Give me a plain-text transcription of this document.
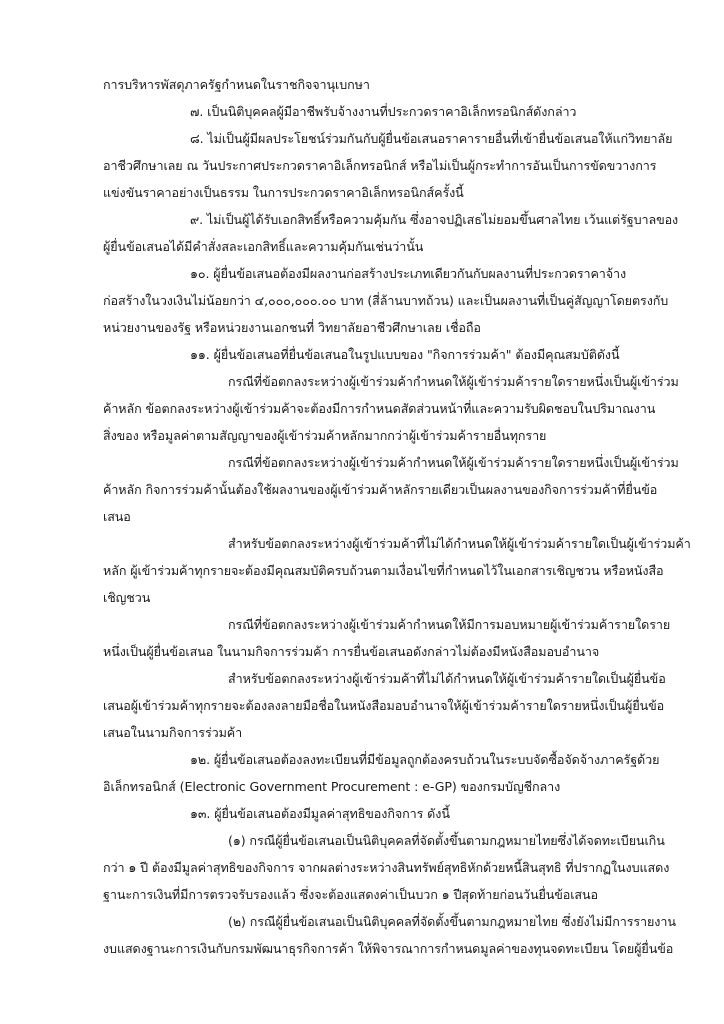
การบริหารพัสดุภาครัฐกำหนดในราชกิจจานุเบกษา
๗. เป็นนิติบุคคลผู้มีอาชีพรับจ้างงานที่ประกวดราคาอิเล็กทรอนิกส์ดังกล่าว
๘. ไม่เป็นผู้มีผลประโยชน์ร่วมกันกับผู้ยื่นข้อเสนอราคารายอื่นที่เข้ายื่นข้อเสนอให้แก่วิทยาลัย
อาชีวศึกษาเลย ณ วันประกาศประกวดราคาอิเล็กทรอนิกส์ หรือไม่เป็นผู้กระทำการอันเป็นการขัดขวางการ
แข่งขันราคาอย่างเป็นธรรม ในการประกวดราคาอิเล็กทรอนิกส์ครั้งนี้
๙. ไม่เป็นผู้ได้รับเอกสิทธิ์หรือความคุ้มกัน ซึ่งอาจปฏิเสธไม่ยอมขึ้นศาลไทย เว้นแต่รัฐบาลของ
ผู้ยื่นข้อเสนอได้มีคำสั่งสละเอกสิทธิ์และความคุ้มกันเช่นว่านั้น
๑๐. ผู้ยื่นข้อเสนอต้องมีผลงานก่อสร้างประเภทเดียวกันกับผลงานที่ประกวดราคาจ้าง
ก่อสร้างในวงเงินไม่น้อยกว่า ๔,๐๐๐,๐๐๐.๐๐ บาท (สี่ล้านบาทถ้วน) และเป็นผลงานที่เป็นคู่สัญญาโดยตรงกับ
หน่วยงานของรัฐ หรือหน่วยงานเอกชนที่ วิทยาลัยอาชีวศึกษาเลย เชื่อถือ
๑๑. ผู้ยื่นข้อเสนอที่ยื่นข้อเสนอในรูปแบบของ "กิจการร่วมค้า" ต้องมีคุณสมบัติดังนี้
กรณีที่ข้อตกลงระหว่างผู้เข้าร่วมค้ากำหนดให้ผู้เข้าร่วมค้ารายใดรายหนึ่งเป็นผู้เข้าร่วม
ค้าหลัก ข้อตกลงระหว่างผู้เข้าร่วมค้าจะต้องมีการกำหนดสัดส่วนหน้าที่และความรับผิดชอบในปริมาณงาน
สิ่งของ หรือมูลค่าตามสัญญาของผู้เข้าร่วมค้าหลักมากกว่าผู้เข้าร่วมค้ารายอื่นทุกราย
กรณีที่ข้อตกลงระหว่างผู้เข้าร่วมค้ากำหนดให้ผู้เข้าร่วมค้ารายใดรายหนึ่งเป็นผู้เข้าร่วม
ค้าหลัก กิจการร่วมค้านั้นต้องใช้ผลงานของผู้เข้าร่วมค้าหลักรายเดียวเป็นผลงานของกิจการร่วมค้าที่ยื่นข้อ
เสนอ
สำหรับข้อตกลงระหว่างผู้เข้าร่วมค้าที่ไม่ได้กำหนดให้ผู้เข้าร่วมค้ารายใดเป็นผู้เข้าร่วมค้า
หลัก ผู้เข้าร่วมค้าทุกรายจะต้องมีคุณสมบัติครบถ้วนตามเงื่อนไขที่กำหนดไว้ในเอกสารเชิญชวน หรือหนังสือ
เชิญชวน
กรณีที่ข้อตกลงระหว่างผู้เข้าร่วมค้ากำหนดให้มีการมอบหมายผู้เข้าร่วมค้ารายใดราย
หนึ่งเป็นผู้ยื่นข้อเสนอ ในนามกิจการร่วมค้า การยื่นข้อเสนอดังกล่าวไม่ต้องมีหนังสือมอบอำนาจ
สำหรับข้อตกลงระหว่างผู้เข้าร่วมค้าที่ไม่ได้กำหนดให้ผู้เข้าร่วมค้ารายใดเป็นผู้ยื่นข้อ
เสนอผู้เข้าร่วมค้าทุกรายจะต้องลงลายมือชื่อในหนังสือมอบอำนาจให้ผู้เข้าร่วมค้ารายใดรายหนึ่งเป็นผู้ยื่นข้อ
เสนอในนามกิจการร่วมค้า
๑๒. ผู้ยื่นข้อเสนอต้องลงทะเบียนที่มีข้อมูลถูกต้องครบถ้วนในระบบจัดซื้อจัดจ้างภาครัฐด้วย
อิเล็กทรอนิกส์ (Electronic Government Procurement : e-GP) ของกรมบัญชีกลาง
๑๓. ผู้ยื่นข้อเสนอต้องมีมูลค่าสุทธิของกิจการ ดังนี้
(๑) กรณีผู้ยื่นข้อเสนอเป็นนิติบุคคลที่จัดตั้งขึ้นตามกฎหมายไทยซึ่งได้จดทะเบียนเกิน
กว่า ๑ ปี ต้องมีมูลค่าสุทธิของกิจการ จากผลต่างระหว่างสินทรัพย์สุทธิหักด้วยหนี้สินสุทธิ ที่ปรากฏในงบแสดง
ฐานะการเงินที่มีการตรวจรับรองแล้ว ซึ่งจะต้องแสดงค่าเป็นบวก ๑ ปีสุดท้ายก่อนวันยื่นข้อเสนอ
(๒) กรณีผู้ยื่นข้อเสนอเป็นนิติบุคคลที่จัดตั้งขึ้นตามกฎหมายไทย ซึ่งยังไม่มีการรายงาน
งบแสดงฐานะการเงินกับกรมพัฒนาธุรกิจการค้า ให้พิจารณาการกำหนดมูลค่าของทุนจดทะเบียน โดยผู้ยื่นข้อ
